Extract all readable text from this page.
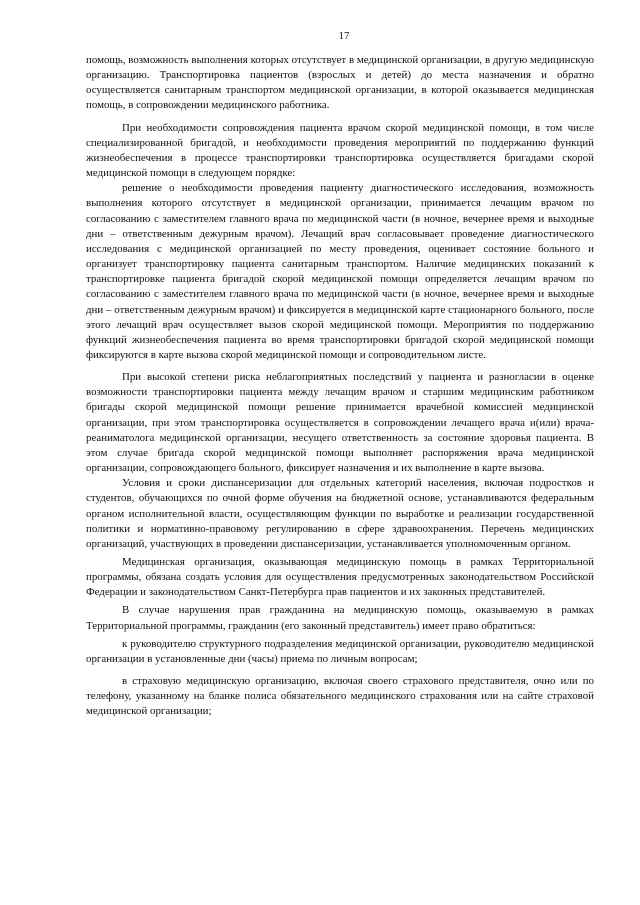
17

помощь, возможность выполнения которых отсутствует в медицинской организации, в другую медицинскую организацию. Транспортировка пациентов (взрослых и детей) до места назначения и обратно осуществляется санитарным транспортом медицинской организации, в которой оказывается медицинская помощь, в сопровождении медицинского работника.

При необходимости сопровождения пациента врачом скорой медицинской помощи, в том числе специализированной бригадой, и необходимости проведения мероприятий по поддержанию функций жизнеобеспечения в процессе транспортировки транспортировка осуществляется бригадами скорой медицинской помощи в следующем порядке:

решение о необходимости проведения пациенту диагностического исследования, возможность выполнения которого отсутствует в медицинской организации, принимается лечащим врачом по согласованию с заместителем главного врача по медицинской части (в ночное, вечернее время и выходные дни – ответственным дежурным врачом). Лечащий врач согласовывает проведение диагностического исследования с медицинской организацией по месту проведения, оценивает состояние больного и организует транспортировку пациента санитарным транспортом. Наличие медицинских показаний к транспортировке пациента бригадой скорой медицинской помощи определяется лечащим врачом по согласованию с заместителем главного врача по медицинской части (в ночное, вечернее время и выходные дни – ответственным дежурным врачом) и фиксируется в медицинской карте стационарного больного, после этого лечащий врач осуществляет вызов скорой медицинской помощи. Мероприятия по поддержанию функций жизнеобеспечения пациента во время транспортировки бригадой скорой медицинской помощи фиксируются в карте вызова скорой медицинской помощи и сопроводительном листе.

При высокой степени риска неблагоприятных последствий у пациента и разногласии в оценке возможности транспортировки пациента между лечащим врачом и старшим медицинским работником бригады скорой медицинской помощи решение принимается врачебной комиссией медицинской организации, при этом транспортировка осуществляется в сопровождении лечащего врача и(или) врача-реаниматолога медицинской организации, несущего ответственность за состояние здоровья пациента. В этом случае бригада скорой медицинской помощи выполняет распоряжения врача медицинской организации, сопровождающего больного, фиксирует назначения и их выполнение в карте вызова.

Условия и сроки диспансеризации для отдельных категорий населения, включая подростков и студентов, обучающихся по очной форме обучения на бюджетной основе, устанавливаются федеральным органом исполнительной власти, осуществляющим функции по выработке и реализации государственной политики и нормативно-правовому регулированию в сфере здравоохранения. Перечень медицинских организаций, участвующих в проведении диспансеризации, устанавливается уполномоченным органом.

Медицинская организация, оказывающая медицинскую помощь в рамках Территориальной программы, обязана создать условия для осуществления предусмотренных законодательством Российской Федерации и законодательством Санкт-Петербурга прав пациентов и их законных представителей.

В случае нарушения прав гражданина на медицинскую помощь, оказываемую в рамках Территориальной программы, гражданин (его законный представитель) имеет право обратиться:

к руководителю структурного подразделения медицинской организации, руководителю медицинской организации в установленные дни (часы) приема по личным вопросам;

в страховую медицинскую организацию, включая своего страхового представителя, очно или по телефону, указанному на бланке полиса обязательного медицинского страхования или на сайте страховой медицинской организации;
